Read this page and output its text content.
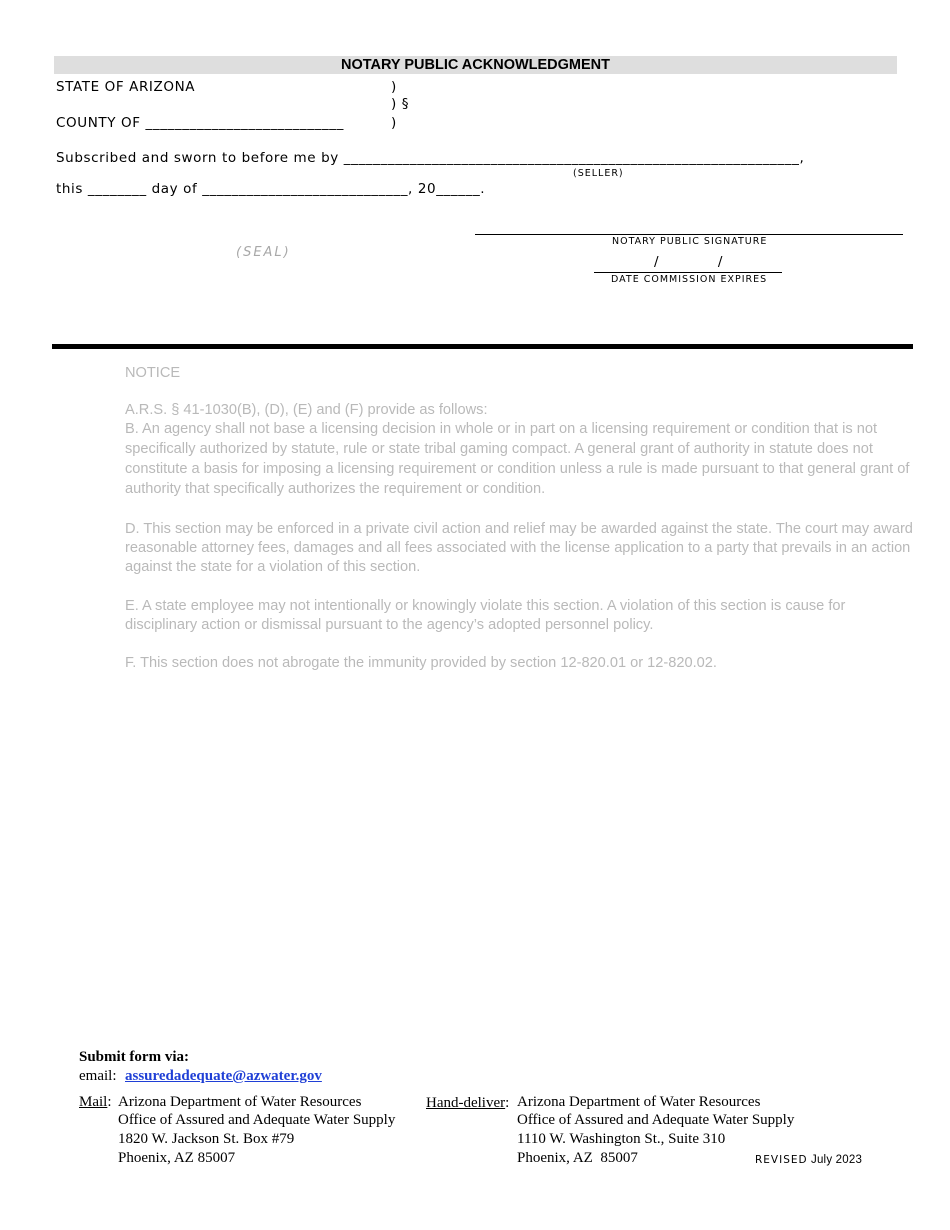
NOTARY PUBLIC ACKNOWLEDGMENT
STATE OF ARIZONA	)
) §
COUNTY OF ___________________________	)
Subscribed and sworn to before me by ______________________________________________________________,
(SELLER)
this ________ day of ____________________________, 20______.
(SEAL)
NOTARY PUBLIC SIGNATURE
/            /
DATE COMMISSION EXPIRES

NOTICE

A.R.S. § 41-1030(B), (D), (E) and (F) provide as follows:

B. An agency shall not base a licensing decision in whole or in part on a licensing requirement or condition that is not specifically authorized by statute, rule or state tribal gaming compact. A general grant of authority in statute does not constitute a basis for imposing a licensing requirement or condition unless a rule is made pursuant to that general grant of authority that specifically authorizes the requirement or condition.

D. This section may be enforced in a private civil action and relief may be awarded against the state. The court may award reasonable attorney fees, damages and all fees associated with the license application to a party that prevails in an action against the state for a violation of this section.

E. A state employee may not intentionally or knowingly violate this section. A violation of this section is cause for disciplinary action or dismissal pursuant to the agency’s adopted personnel policy.

F. This section does not abrogate the immunity provided by section 12-820.01 or 12-820.02.

Submit form via:
email: assuredadequate@azwater.gov
Mail: Arizona Department of Water Resources
Office of Assured and Adequate Water Supply
1820 W. Jackson St. Box #79
Phoenix, AZ 85007
Hand-deliver: Arizona Department of Water Resources
Office of Assured and Adequate Water Supply
1110 W. Washington St., Suite 310
Phoenix, AZ  85007	REVISED July 2023
